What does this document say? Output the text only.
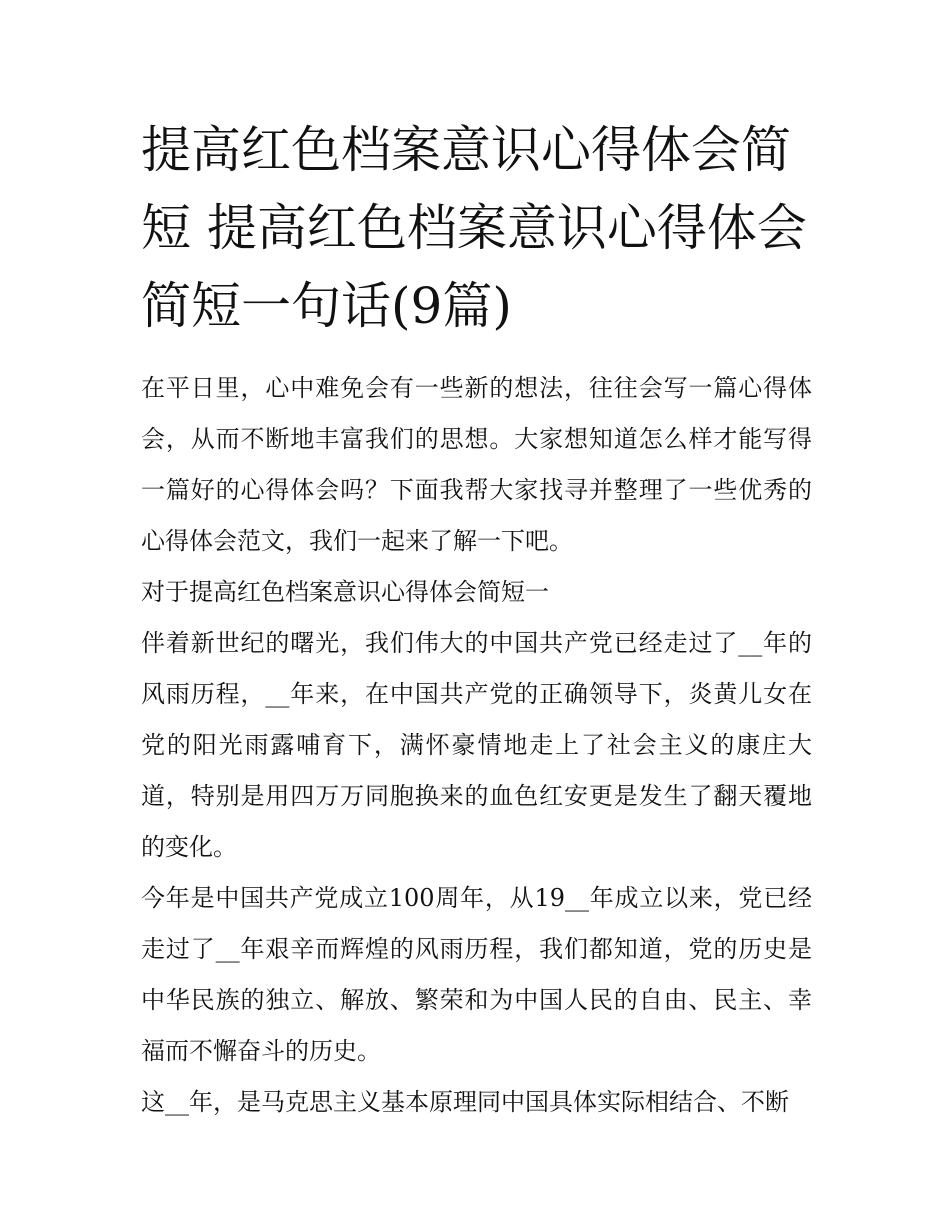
提高红色档案意识心得体会简短 提高红色档案意识心得体会简短一句话(9篇)

在平日里，心中难免会有一些新的想法，往往会写一篇心得体会，从而不断地丰富我们的思想。大家想知道怎么样才能写得一篇好的心得体会吗？下面我帮大家找寻并整理了一些优秀的心得体会范文，我们一起来了解一下吧。

对于提高红色档案意识心得体会简短一

伴着新世纪的曙光，我们伟大的中国共产党已经走过了__年的风雨历程，__年来，在中国共产党的正确领导下，炎黄儿女在党的阳光雨露哺育下，满怀豪情地走上了社会主义的康庄大道，特别是用四万万同胞换来的血色红安更是发生了翻天覆地的变化。

今年是中国共产党成立100周年，从19__年成立以来，党已经走过了__年艰辛而辉煌的风雨历程，我们都知道，党的历史是中华民族的独立、解放、繁荣和为中国人民的自由、民主、幸福而不懈奋斗的历史。

这__年，是马克思主义基本原理同中国具体实际相结合、不断
